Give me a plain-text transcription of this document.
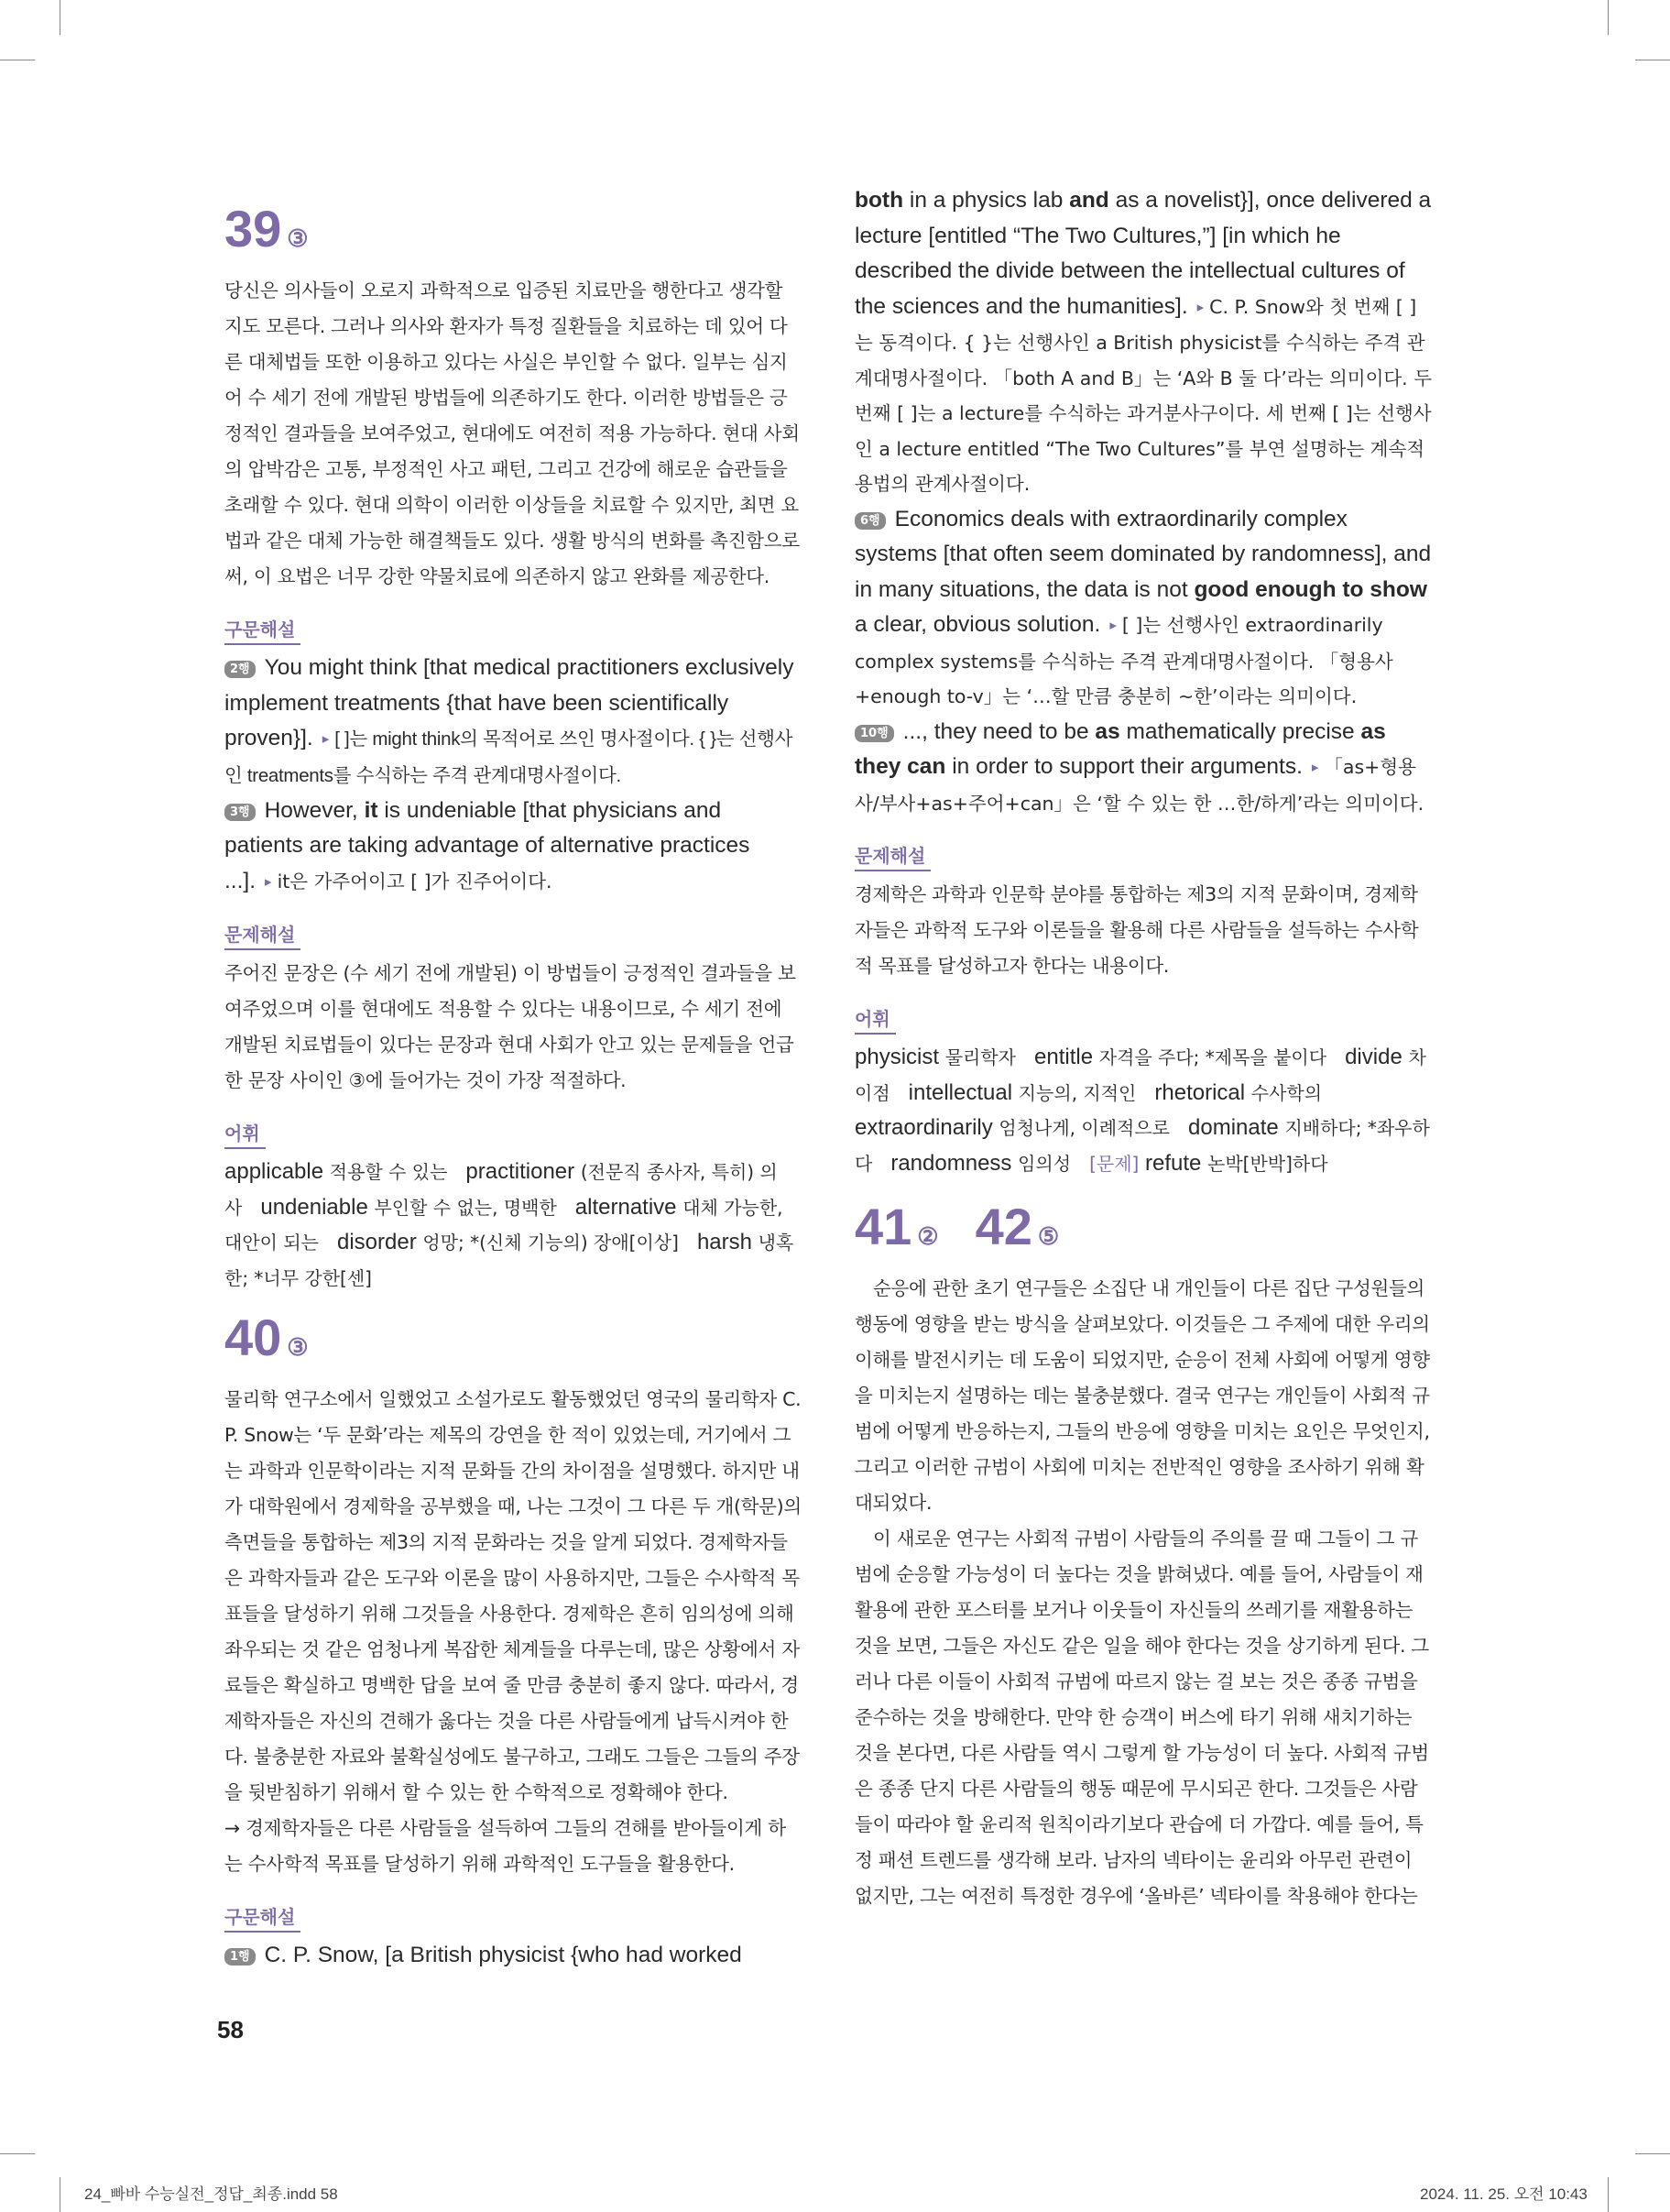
39 ③

당신은 의사들이 오로지 과학적으로 입증된 치료만을 행한다고 생각할 지도 모른다. 그러나 의사와 환자가 특정 질환들을 치료하는 데 있어 다른 대체법들 또한 이용하고 있다는 사실은 부인할 수 없다. 일부는 심지어 수 세기 전에 개발된 방법들에 의존하기도 한다. 이러한 방법들은 긍정적인 결과들을 보여주었고, 현대에도 여전히 적용 가능하다. 현대 사회의 압박감은 고통, 부정적인 사고 패턴, 그리고 건강에 해로운 습관들을 초래할 수 있다. 현대 의학이 이러한 이상들을 치료할 수 있지만, 최면 요법과 같은 대체 가능한 해결책들도 있다. 생활 방식의 변화를 촉진함으로써, 이 요법은 너무 강한 약물치료에 의존하지 않고 완화를 제공한다.

구문해설

2행 You might think [that medical practitioners exclusively implement treatments {that have been scientifically proven}]. ▸ [ ]는 might think의 목적어로 쓰인 명사절이다. { }는 선행사인 treatments를 수식하는 주격 관계대명사절이다.

3행 However, it is undeniable [that physicians and patients are taking advantage of alternative practices ...]. ▸ it은 가주어이고 [ ]가 진주어이다.

문제해설

주어진 문장은 (수 세기 전에 개발된) 이 방법들이 긍정적인 결과들을 보여주었으며 이를 현대에도 적용할 수 있다는 내용이므로, 수 세기 전에 개발된 치료법들이 있다는 문장과 현대 사회가 안고 있는 문제들을 언급한 문장 사이인 ③에 들어가는 것이 가장 적절하다.

어휘

applicable 적용할 수 있는 practitioner (전문직 종사자, 특히) 의사 undeniable 부인할 수 없는, 명백한 alternative 대체 가능한, 대안이 되는 disorder 엉망; *(신체 기능의) 장애[이상] harsh 냉혹한; *너무 강한[센]

40 ③

물리학 연구소에서 일했었고 소설가로도 활동했었던 영국의 물리학자 C. P. Snow는 ‘두 문화’라는 제목의 강연을 한 적이 있었는데, 거기에서 그는 과학과 인문학이라는 지적 문화들 간의 차이점을 설명했다. 하지만 내가 대학원에서 경제학을 공부했을 때, 나는 그것이 그 다른 두 개(학문)의 측면들을 통합하는 제3의 지적 문화라는 것을 알게 되었다. 경제학자들은 과학자들과 같은 도구와 이론을 많이 사용하지만, 그들은 수사학적 목표들을 달성하기 위해 그것들을 사용한다. 경제학은 흔히 임의성에 의해 좌우되는 것 같은 엄청나게 복잡한 체계들을 다루는데, 많은 상황에서 자료들은 확실하고 명백한 답을 보여 줄 만큼 충분히 좋지 않다. 따라서, 경제학자들은 자신의 견해가 옳다는 것을 다른 사람들에게 납득시켜야 한다. 불충분한 자료와 불확실성에도 불구하고, 그래도 그들은 그들의 주장을 뒷받침하기 위해서 할 수 있는 한 수학적으로 정확해야 한다.

→ 경제학자들은 다른 사람들을 설득하여 그들의 견해를 받아들이게 하는 수사학적 목표를 달성하기 위해 과학적인 도구들을 활용한다.

구문해설

1행 C. P. Snow, [a British physicist {who had worked

both in a physics lab and as a novelist}], once delivered a lecture [entitled “The Two Cultures,”] [in which he described the divide between the intellectual cultures of the sciences and the humanities]. ▸ C. P. Snow와 첫 번째 [ ]는 동격이다. { }는 선행사인 a British physicist를 수식하는 주격 관계대명사절이다. 「both A and B」는 ‘A와 B 둘 다’라는 의미이다. 두 번째 [ ]는 a lecture를 수식하는 과거분사구이다. 세 번째 [ ]는 선행사인 a lecture entitled “The Two Cultures”를 부연 설명하는 계속적 용법의 관계사절이다.

6행 Economics deals with extraordinarily complex systems [that often seem dominated by randomness], and in many situations, the data is not good enough to show a clear, obvious solution. ▸ [ ]는 선행사인 extraordinarily complex systems를 수식하는 주격 관계대명사절이다. 「형용사+enough to-v」는 ‘…할 만큼 충분히 ~한’이라는 의미이다.

10행 ..., they need to be as mathematically precise as they can in order to support their arguments. ▸ 「as+형용사/부사+as+주어+can」은 ‘할 수 있는 한 …한/하게’라는 의미이다.

문제해설

경제학은 과학과 인문학 분야를 통합하는 제3의 지적 문화이며, 경제학자들은 과학적 도구와 이론들을 활용해 다른 사람들을 설득하는 수사학적 목표를 달성하고자 한다는 내용이다.

어휘

physicist 물리학자 entitle 자격을 주다; *제목을 붙이다 divide 차이점 intellectual 지능의, 지적인 rhetorical 수사학의   extraordinarily 엄청나게, 이례적으로 dominate 지배하다; *좌우하다 randomness 임의성 [문제] refute 논박[반박]하다

41 ② 42 ⑤

순응에 관한 초기 연구들은 소집단 내 개인들이 다른 집단 구성원들의 행동에 영향을 받는 방식을 살펴보았다. 이것들은 그 주제에 대한 우리의 이해를 발전시키는 데 도움이 되었지만, 순응이 전체 사회에 어떻게 영향을 미치는지 설명하는 데는 불충분했다. 결국 연구는 개인들이 사회적 규범에 어떻게 반응하는지, 그들의 반응에 영향을 미치는 요인은 무엇인지, 그리고 이러한 규범이 사회에 미치는 전반적인 영향을 조사하기 위해 확대되었다.

이 새로운 연구는 사회적 규범이 사람들의 주의를 끌 때 그들이 그 규범에 순응할 가능성이 더 높다는 것을 밝혀냈다. 예를 들어, 사람들이 재활용에 관한 포스터를 보거나 이웃들이 자신들의 쓰레기를 재활용하는 것을 보면, 그들은 자신도 같은 일을 해야 한다는 것을 상기하게 된다. 그러나 다른 이들이 사회적 규범에 따르지 않는 걸 보는 것은 종종 규범을 준수하는 것을 방해한다. 만약 한 승객이 버스에 타기 위해 새치기하는 것을 본다면, 다른 사람들 역시 그렇게 할 가능성이 더 높다. 사회적 규범은 종종 단지 다른 사람들의 행동 때문에 무시되곤 한다. 그것들은 사람들이 따라야 할 윤리적 원칙이라기보다 관습에 더 가깝다. 예를 들어, 특정 패션 트렌드를 생각해 보라. 남자의 넥타이는 윤리와 아무런 관련이 없지만, 그는 여전히 특정한 경우에 ‘올바른’ 넥타이를 착용해야 한다는

58
24_빠바 수능실전_정답_최종.indd 58	2024. 11. 25. 오전 10:43
